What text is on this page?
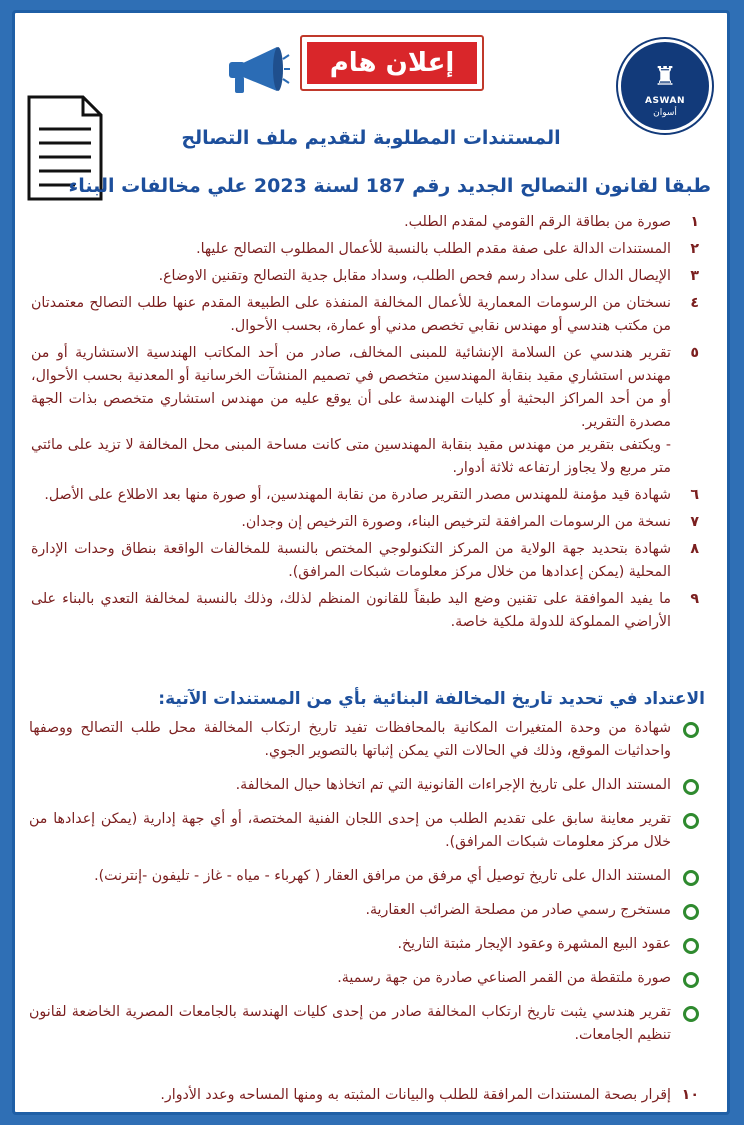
♜
ASWAN
أسوان
إعلان هام
المستندات المطلوبة لتقديم ملف التصالح
طبقا لقانون التصالح الجديد رقم 187 لسنة 2023 علي مخالفات البناء
١
صورة من بطاقة الرقم القومي لمقدم الطلب.
٢
المستندات الدالة على صفة مقدم الطلب بالنسبة للأعمال المطلوب التصالح عليها.
٣
الإيصال الدال على سداد رسم فحص الطلب، وسداد مقابل جدية التصالح وتقنين الاوضاع.
٤
نسختان من الرسومات المعمارية للأعمال المخالفة المنفذة على الطبيعة المقدم عنها طلب التصالح معتمدتان من مكتب هندسي أو مهندس نقابي تخصص مدني أو عمارة، بحسب الأحوال.
٥
تقرير هندسي عن السلامة الإنشائية للمبنى المخالف، صادر من أحد المكاتب الهندسية الاستشارية أو من مهندس استشاري مقيد بنقابة المهندسين متخصص في تصميم المنشآت الخرسانية أو المعدنية بحسب الأحوال، أو من أحد المراكز البحثية أو كليات الهندسة على أن يوقع عليه من مهندس استشاري متخصص بذات الجهة مصدرة التقرير.
- ويكتفى بتقرير من مهندس مقيد بنقابة المهندسين متى كانت مساحة المبنى محل المخالفة لا تزيد على مائتي متر مربع ولا يجاوز ارتفاعه ثلاثة أدوار.
٦
شهادة قيد مؤمنة للمهندس مصدر التقرير صادرة من نقابة المهندسين، أو صورة منها بعد الاطلاع على الأصل.
٧
نسخة من الرسومات المرافقة لترخيص البناء، وصورة الترخيص إن وجدان.
٨
شهادة بتحديد جهة الولاية من المركز التكنولوجي المختص بالنسبة للمخالفات الواقعة بنطاق وحدات الإدارة المحلية (يمكن إعدادها من خلال مركز معلومات شبكات المرافق).
٩
ما يفيد الموافقة على تقنين وضع اليد طبقاً للقانون المنظم لذلك، وذلك بالنسبة لمخالفة التعدي بالبناء على الأراضي المملوكة للدولة ملكية خاصة.
الاعتداد في تحديد تاريخ المخالفة البنائية بأي من المستندات الآتية:
شهادة من وحدة المتغيرات المكانية بالمحافظات تفيد تاريخ ارتكاب المخالفة محل طلب التصالح ووصفها واحداثيات الموقع، وذلك في الحالات التي يمكن إثباتها بالتصوير الجوي.
المستند الدال على تاريخ الإجراءات القانونية التي تم اتخاذها حيال المخالفة.
تقرير معاينة سابق على تقديم الطلب من إحدى اللجان الفنية المختصة، أو أي جهة إدارية (يمكن إعدادها من خلال مركز معلومات شبكات المرافق).
المستند الدال على تاريخ توصيل أي مرفق من مرافق العقار ( كهرباء - مياه - غاز - تليفون -إنترنت).
مستخرج رسمي صادر من مصلحة الضرائب العقارية.
عقود البيع المشهرة وعقود الإيجار مثبتة التاريخ.
صورة ملتقطة من القمر الصناعي صادرة من جهة رسمية.
تقرير هندسي يثبت تاريخ ارتكاب المخالفة صادر من إحدى كليات الهندسة بالجامعات المصرية الخاضعة لقانون تنظيم الجامعات.
١٠
إقرار بصحة المستندات المرافقة للطلب والبيانات المثبته به ومنها المساحه وعدد الأدوار.
